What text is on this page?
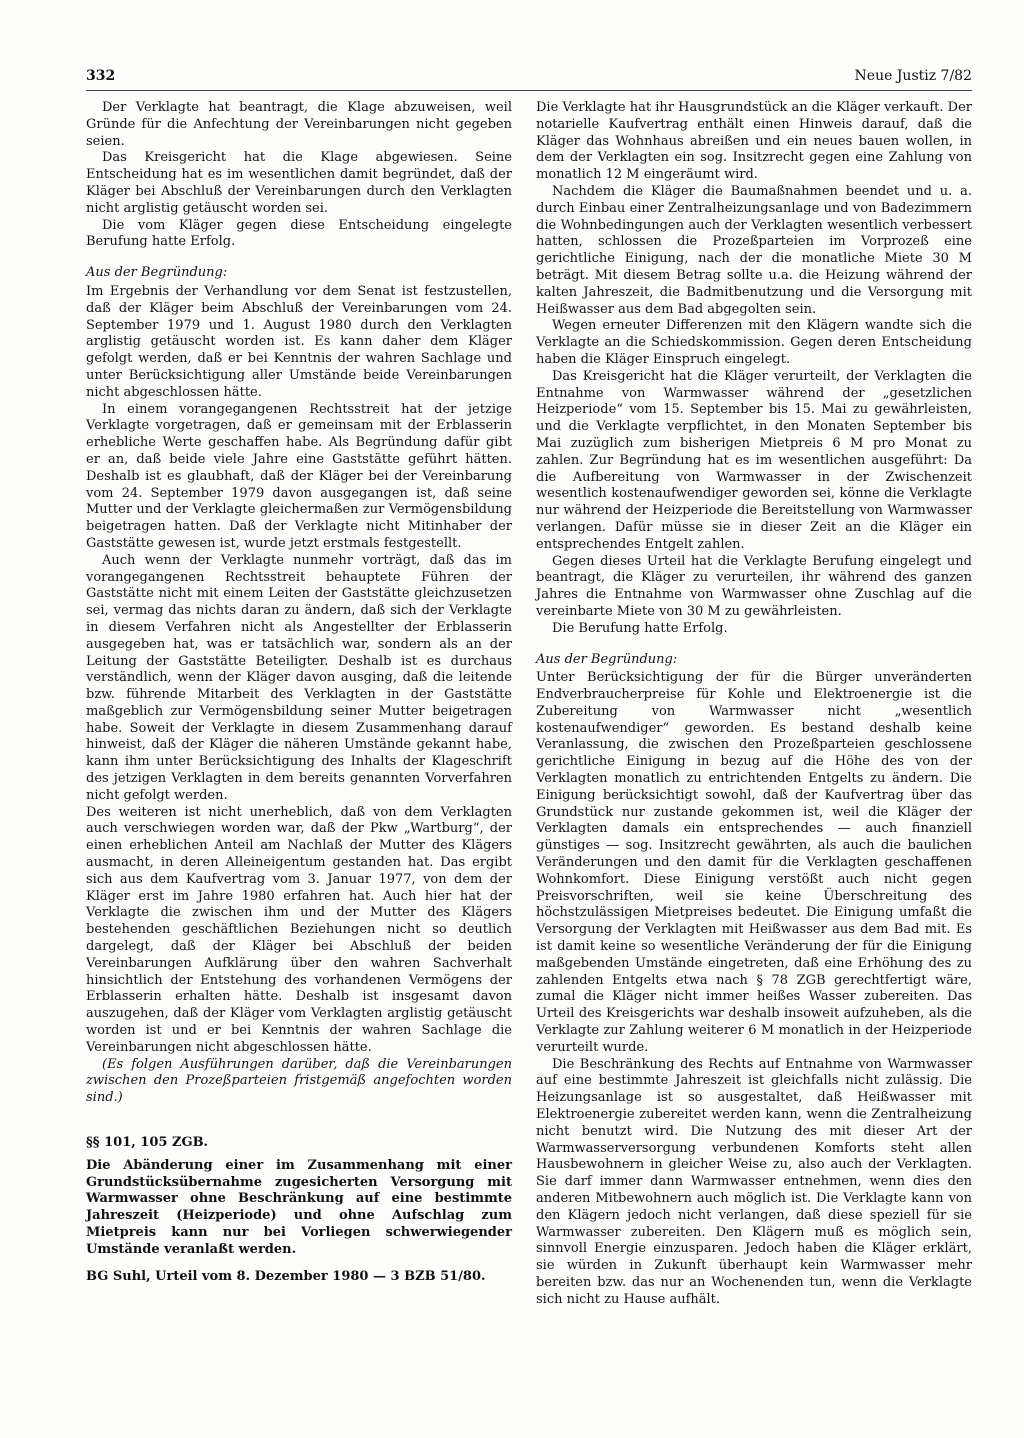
332	Neue Justiz 7/82

Der Verklagte hat beantragt, die Klage abzuweisen, weil Gründe für die Anfechtung der Vereinbarungen nicht gegeben seien.

Das Kreisgericht hat die Klage abgewiesen. Seine Entscheidung hat es im wesentlichen damit begründet, daß der Kläger bei Abschluß der Vereinbarungen durch den Verklagten nicht arglistig getäuscht worden sei.

Die vom Kläger gegen diese Entscheidung eingelegte Berufung hatte Erfolg.

Aus der Begründung:

Im Ergebnis der Verhandlung vor dem Senat ist festzustellen, daß der Kläger beim Abschluß der Vereinbarungen vom 24. September 1979 und 1. August 1980 durch den Verklagten arglistig getäuscht worden ist. Es kann daher dem Kläger gefolgt werden, daß er bei Kenntnis der wahren Sachlage und unter Berücksichtigung aller Umstände beide Vereinbarungen nicht abgeschlossen hätte.

In einem vorangegangenen Rechtsstreit hat der jetzige Verklagte vorgetragen, daß er gemeinsam mit der Erblasserin erhebliche Werte geschaffen habe. Als Begründung dafür gibt er an, daß beide viele Jahre eine Gaststätte geführt hätten. Deshalb ist es glaubhaft, daß der Kläger bei der Vereinbarung vom 24. September 1979 davon ausgegangen ist, daß seine Mutter und der Verklagte gleichermaßen zur Vermögensbildung beigetragen hatten. Daß der Verklagte nicht Mitinhaber der Gaststätte gewesen ist, wurde jetzt erstmals festgestellt.

Auch wenn der Verklagte nunmehr vorträgt, daß das im vorangegangenen Rechtsstreit behauptete Führen der Gaststätte nicht mit einem Leiten der Gaststätte gleichzusetzen sei, vermag das nichts daran zu ändern, daß sich der Verklagte in diesem Verfahren nicht als Angestellter der Erblasserin ausgegeben hat, was er tatsächlich war, sondern als an der Leitung der Gaststätte Beteiligter. Deshalb ist es durchaus verständlich, wenn der Kläger davon ausging, daß die leitende bzw. führende Mitarbeit des Verklagten in der Gaststätte maßgeblich zur Vermögensbildung seiner Mutter beigetragen habe. Soweit der Verklagte in diesem Zusammenhang darauf hinweist, daß der Kläger die näheren Umstände gekannt habe, kann ihm unter Berücksichtigung des Inhalts der Klageschrift des jetzigen Verklagten in dem bereits genannten Vorverfahren nicht gefolgt werden.

Des weiteren ist nicht unerheblich, daß von dem Verklagten auch verschwiegen worden war, daß der Pkw „Wartburg“, der einen erheblichen Anteil am Nachlaß der Mutter des Klägers ausmacht, in deren Alleineigentum gestanden hat. Das ergibt sich aus dem Kaufvertrag vom 3. Januar 1977, von dem der Kläger erst im Jahre 1980 erfahren hat. Auch hier hat der Verklagte die zwischen ihm und der Mutter des Klägers bestehenden geschäftlichen Beziehungen nicht so deutlich dargelegt, daß der Kläger bei Abschluß der beiden Vereinbarungen Aufklärung über den wahren Sachverhalt hinsichtlich der Entstehung des vorhandenen Vermögens der Erblasserin erhalten hätte. Deshalb ist insgesamt davon auszugehen, daß der Kläger vom Verklagten arglistig getäuscht worden ist und er bei Kenntnis der wahren Sachlage die Vereinbarungen nicht abgeschlossen hätte.

(Es folgen Ausführungen darüber, daß die Vereinbarungen zwischen den Prozeßparteien fristgemäß angefochten worden sind.)

§§ 101, 105 ZGB.

Die Abänderung einer im Zusammenhang mit einer Grundstücksübernahme zugesicherten Versorgung mit Warmwasser ohne Beschränkung auf eine bestimmte Jahreszeit (Heizperiode) und ohne Aufschlag zum Mietpreis kann nur bei Vorliegen schwerwiegender Umstände veranlaßt werden.

BG Suhl, Urteil vom 8. Dezember 1980 — 3 BZB 51/80.

Die Verklagte hat ihr Hausgrundstück an die Kläger verkauft. Der notarielle Kaufvertrag enthält einen Hinweis darauf, daß die Kläger das Wohnhaus abreißen und ein neues bauen wollen, in dem der Verklagten ein sog. Insitzrecht gegen eine Zahlung von monatlich 12 M eingeräumt wird.

Nachdem die Kläger die Baumaßnahmen beendet und u. a. durch Einbau einer Zentralheizungsanlage und von Badezimmern die Wohnbedingungen auch der Verklagten wesentlich verbessert hatten, schlossen die Prozeßparteien im Vorprozeß eine gerichtliche Einigung, nach der die monatliche Miete 30 M beträgt. Mit diesem Betrag sollte u.a. die Heizung während der kalten Jahreszeit, die Badmitbenutzung und die Versorgung mit Heißwasser aus dem Bad abgegolten sein.

Wegen erneuter Differenzen mit den Klägern wandte sich die Verklagte an die Schiedskommission. Gegen deren Entscheidung haben die Kläger Einspruch eingelegt.

Das Kreisgericht hat die Kläger verurteilt, der Verklagten die Entnahme von Warmwasser während der „gesetzlichen Heizperiode“ vom 15. September bis 15. Mai zu gewährleisten, und die Verklagte verpflichtet, in den Monaten September bis Mai zuzüglich zum bisherigen Mietpreis 6 M pro Monat zu zahlen. Zur Begründung hat es im wesentlichen ausgeführt: Da die Aufbereitung von Warmwasser in der Zwischenzeit wesentlich kostenaufwendiger geworden sei, könne die Verklagte nur während der Heizperiode die Bereitstellung von Warmwasser verlangen. Dafür müsse sie in dieser Zeit an die Kläger ein entsprechendes Entgelt zahlen.

Gegen dieses Urteil hat die Verklagte Berufung eingelegt und beantragt, die Kläger zu verurteilen, ihr während des ganzen Jahres die Entnahme von Warmwasser ohne Zuschlag auf die vereinbarte Miete von 30 M zu gewährleisten.

Die Berufung hatte Erfolg.

Aus der Begründung:

Unter Berücksichtigung der für die Bürger unveränderten Endverbraucherpreise für Kohle und Elektroenergie ist die Zubereitung von Warmwasser nicht „wesentlich kostenaufwendiger“ geworden. Es bestand deshalb keine Veranlassung, die zwischen den Prozeßparteien geschlossene gerichtliche Einigung in bezug auf die Höhe des von der Verklagten monatlich zu entrichtenden Entgelts zu ändern. Die Einigung berücksichtigt sowohl, daß der Kaufvertrag über das Grundstück nur zustande gekommen ist, weil die Kläger der Verklagten damals ein entsprechendes — auch finanziell günstiges — sog. Insitzrecht gewährten, als auch die baulichen Veränderungen und den damit für die Verklagten geschaffenen Wohnkomfort. Diese Einigung verstößt auch nicht gegen Preisvorschriften, weil sie keine Überschreitung des höchstzulässigen Mietpreises bedeutet. Die Einigung umfaßt die Versorgung der Verklagten mit Heißwasser aus dem Bad mit. Es ist damit keine so wesentliche Veränderung der für die Einigung maßgebenden Umstände eingetreten, daß eine Erhöhung des zu zahlenden Entgelts etwa nach § 78 ZGB gerechtfertigt wäre, zumal die Kläger nicht immer heißes Wasser zubereiten. Das Urteil des Kreisgerichts war deshalb insoweit aufzuheben, als die Verklagte zur Zahlung weiterer 6 M monatlich in der Heizperiode verurteilt wurde.

Die Beschränkung des Rechts auf Entnahme von Warmwasser auf eine bestimmte Jahreszeit ist gleichfalls nicht zulässig. Die Heizungsanlage ist so ausgestaltet, daß Heißwasser mit Elektroenergie zubereitet werden kann, wenn die Zentralheizung nicht benutzt wird. Die Nutzung des mit dieser Art der Warmwasserversorgung verbundenen Komforts steht allen Hausbewohnern in gleicher Weise zu, also auch der Verklagten. Sie darf immer dann Warmwasser entnehmen, wenn dies den anderen Mitbewohnern auch möglich ist. Die Verklagte kann von den Klägern jedoch nicht verlangen, daß diese speziell für sie Warmwasser zubereiten. Den Klägern muß es möglich sein, sinnvoll Energie einzusparen. Jedoch haben die Kläger erklärt, sie würden in Zukunft überhaupt kein Warmwasser mehr bereiten bzw. das nur an Wochenenden tun, wenn die Verklagte sich nicht zu Hause aufhält.
